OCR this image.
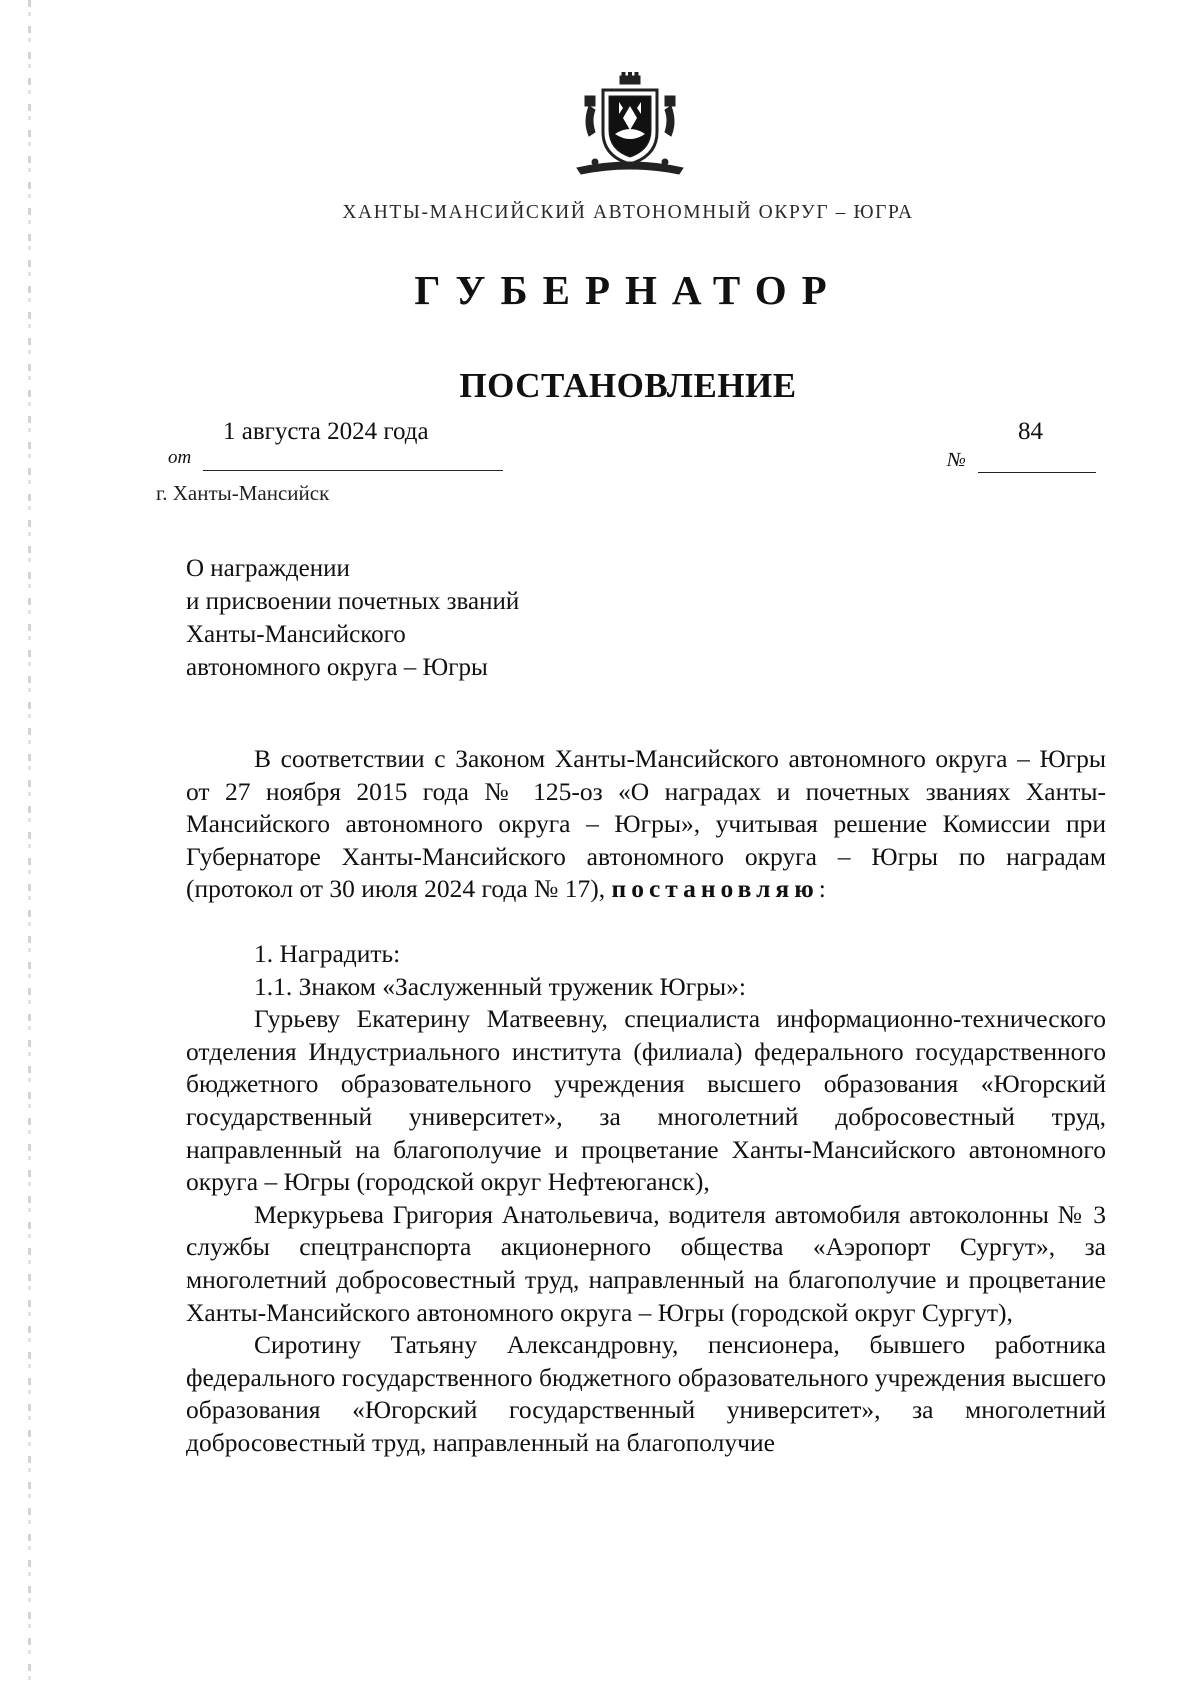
ХАНТЫ-МАНСИЙСКИЙ АВТОНОМНЫЙ ОКРУГ – ЮГРА
ГУБЕРНАТОР
ПОСТАНОВЛЕНИЕ
1 августа 2024 года	84
от	№
г. Ханты-Мансийск
О награждении
и присвоении почетных званий
Ханты-Мансийского
автономного округа – Югры

В соответствии с Законом Ханты-Мансийского автономного округа – Югры от 27 ноября 2015 года № 125-оз «О наградах и почетных званиях Ханты-Мансийского автономного округа – Югры», учитывая решение Комиссии при Губернаторе Ханты-Мансийского автономного округа – Югры по наградам (протокол от 30 июля 2024 года № 17), постановляю:

1. Наградить:

1.1. Знаком «Заслуженный труженик Югры»:

Гурьеву Екатерину Матвеевну, специалиста информационно-технического отделения Индустриального института (филиала) федерального государственного бюджетного образовательного учреждения высшего образования «Югорский государственный университет», за многолетний добросовестный труд, направленный на благополучие и процветание Ханты-Мансийского автономного округа – Югры (городской округ Нефтеюганск),

Меркурьева Григория Анатольевича, водителя автомобиля автоколонны № 3 службы спецтранспорта акционерного общества «Аэропорт Сургут», за многолетний добросовестный труд, направленный на благополучие и процветание Ханты-Мансийского автономного округа – Югры (городской округ Сургут),

Сиротину Татьяну Александровну, пенсионера, бывшего работника федерального государственного бюджетного образовательного учреждения высшего образования «Югорский государственный университет», за многолетний добросовестный труд, направленный на благополучие
